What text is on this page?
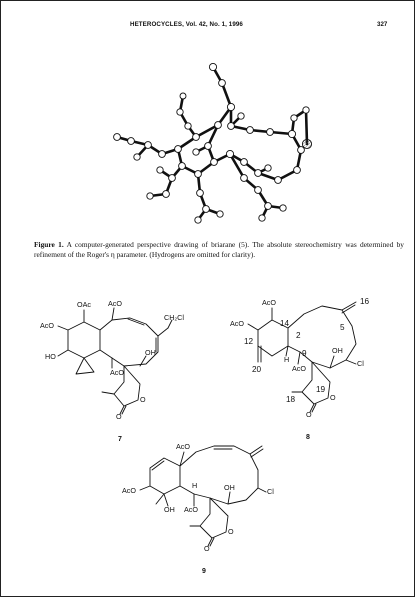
HETEROCYCLES, Vol. 42, No. 1, 1996	327
Figure 1. A computer-generated perspective drawing of briarane (5). The absolute stereochemistry was determined by refinement of the Roger's η parameter. (Hydrogens are omitted for clarity).
OAc
AcO
AcO
CH₂Cl
HO	OH
AcO
O
O
7
AcO
AcO
14
2
16
5
12
H
9	OH
Cl
20	AcO
19
18	O
O
8
AcO
AcO	OH	Cl
H
OH AcO
O
O
9
